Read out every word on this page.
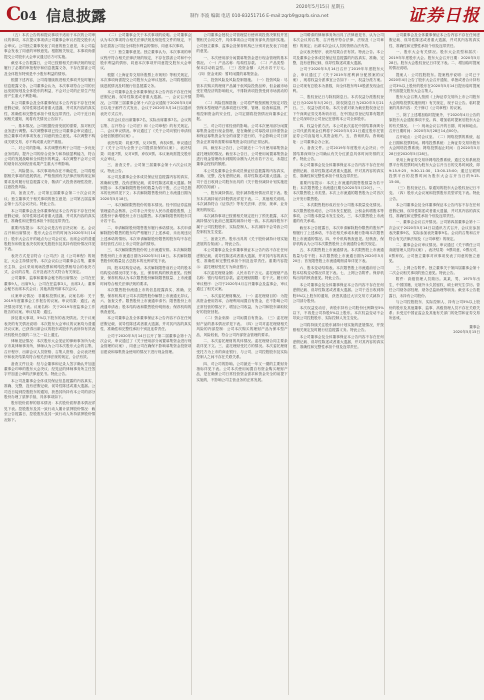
C04 信息披露	2020年5月15日 星期五
制作 李波 编辑 电话 010-83251716 E-mail:zqrb9@zqrb.sina.net	证券日报

（五）本次公告的和提议事项不适用于本次的公司审议的事项，本次提议事项请公司董事会审议后提交股东大会审议。公司独立董事发表了同意的独立意见，本公司监事会发表了同意的审核意见。根据相关规定，本事项尚需提交公司股东大会审议通过后方可实施。

截至本公告披露日，公司已按照相关法律法规的规定履行了必要的审批程序和信息披露义务，不存在损害公司及全体股东特别是中小股东利益的情形。

根据下述内容，公司将继续推进相关事项并及时履行信息披露义务。公司董事会认为，本次事项符合公司的长远发展规划及全体股东的利益，不会对公司的正常生产经营产生重大不利影响。

本公司董事会及全体董事保证本公告内容不存在任何虚假记载、误导性陈述或者重大遗漏，并对其内容的真实性、准确性和完整性承担个别及连带责任。公司于近日收到相关通知，现将有关情况公告如下。

一、基本情况。公司根据经营发展的需要，拟对相关业务进行调整。本次调整事项已经公司董事会审议通过，独立董事对该事项发表了同意的独立意见。本次调整不构成关联交易，亦不构成重大资产重组。

二、对公司的影响。本次调整有利于公司进一步优化业务结构，提升公司的综合竞争力和持续盈利能力，符合公司的发展战略和全体股东的利益。本次调整不会对公司的财务状况和经营成果产生重大不利影响。

三、风险提示。本次事项尚存在不确定性，公司将根据相关事项的进展情况，严格按照有关法律法规的规定和要求及时履行信息披露义务，敬请广大投资者理性投资，注意投资风险。

四、备查文件。公司第五届董事会第二十次会议决议；独立董事关于相关事项的独立意见；公司第五届监事会第十五次会议决议。特此公告。

本公司董事会及全体董事保证本公告内容不存在任何虚假记载、误导性陈述或者重大遗漏，并对其内容的真实性、准确性和完整性承担个别及连带责任。

重要内容提示：本次会议是否有否决议案：无。会议召开和出席情况：股东大会召开的时间为2020年5月14日；股东大会召开的地点为公司会议室。出席会议的普通股股东和恢复表决权的优先股股东及其持有股份情况详见下表。

表决方式是否符合《公司法》及《公司章程》的规定，大会主持情况等。本次会议由公司董事会召集，董事长主持，会议采用现场投票和网络投票相结合的表决方式，会议的召集、召开及表决方式符合有关规定。

公司董事、监事和董事会秘书的出席情况：公司在任董事9人，出席9人；公司在任监事3人，出席3人；董事会秘书出席本次会议；其他高管列席本次会议。

议案审议情况：非累积投票议案。议案名称：关于2019年度董事会工作报告的议案。审议结果：通过。表决情况详见下表。议案名称：关于2019年度监事会工作报告的议案。审议结果：通过。

涉及重大事项，5%以下股东的表决情况。关于议案表决的有关情况说明：本次股东大会审议的议案均为普通决议议案，已获得出席会议的股东或股东代表所持有效表决权股份总数的二分之一以上通过。

律师见证情况：本次股东大会见证的律师事务所为北京市某律师事务所，律师认为公司本次股东大会的召集、召开程序、出席会议人员资格、召集人资格、会议表决程序和表决结果均符合相关法律法规的规定，合法有效。

备查文件目录：经与会董事和记录人签字确认并加盖董事会印章的股东大会决议；经见证的律师事务所主任签字并加盖公章的法律意见书。特此公告。

本公司及董事会全体成员保证信息披露的内容真实、准确、完整，没有虚假记载、误导性陈述或重大遗漏。公司近日接到控股股东的通知，获悉其所持有本公司的部分股份办理了质押手续，具体事项如下。

股东股份质押的基本情况：本次股份质押基本情况详见下表。控股股东及其一致行动人累计质押股份情况：截至公告披露日，控股股东及其一致行动人所持质押股份情况如下。

（二）公司董事会关于本次事项的说明。公司董事会认为本次事项符合相关法律法规及规范性文件的规定，不存在损害公司及全体股东利益的情形，同意本次事项。

（三）独立董事意见。独立董事认为，本次事项的审议程序符合相关法律法规的规定，不存在损害公司和中小股东利益的情形，同意本次事项并同意提交股东大会审议。

根据《上海证券交易所股票上市规则》等相关规定，本次事项尚需提交公司股东大会审议批准。公司将根据后续进展情况及时履行信息披露义务。

本公司董事会及全体董事保证本公告内容不存在任何虚假记载、误导性陈述或者重大遗漏。一、会议召开情况。公司第三届董事会第十六次会议通知于2020年5月8日以电子邮件方式发出，会议于2020年5月14日以通讯表决方式召开。

本次会议应出席董事7名，实际出席董事7名。会议的召集、召开符合《公司法》和《公司章程》的有关规定。二、会议审议情况。审议通过了《关于公司向银行申请综合授信额度的议案》。

表决结果：同意7票，反对0票，弃权0票。审议通过了《关于公司为全资子公司提供担保的议案》，表决结果：同意7票，反对0票，弃权0票。本议案尚需提交股东大会审议。

三、备查文件。公司第三届董事会第十六次会议决议。特此公告。

本公司及董事会全体成员保证信息披露内容的真实、准确和完整，没有虚假记载、误导性陈述或重大遗漏。特别提示：本次解除限售股份的数量为若干股，占公司总股本的比例详见下文；本次解除限售股份的上市流通日期为2020年5月18日。

一、本次解除限售股份的基本情况。经中国证券监督管理委员会核准，公司非公开发行人民币普通股股票，上述股份于新增股份上市日起限售。本次解除限售的股东共计若干名。

二、申请解除股份限售股东履行承诺情况。本次申请解除股份限售的股东均严格履行了上述承诺，未出现违反上述承诺的情形。本次申请解除股份限售的股东均不存在非经营性占用上市公司资金的情形。

三、本次解除限售股份的上市流通安排。本次解除限售股份的上市流通日期为2020年5月18日。本次解除限售股份的数量及占总股本的比例详见下表。

四、股本结构变动表。本次解除限售前后公司的股本结构变动情况详见下表。五、保荐机构的核查意见。经核查，保荐机构认为本次限售股份解除限售数量、上市流通时间符合相关法律法规的要求。

本次限售股份流通上市的信息披露真实、准确、完整，保荐机构对公司本次限售股份解禁上市流通无异议。六、备查文件。限售股份上市流通申请书；限售股份上市流通申请表；股本结构表和限售股份明细表；保荐机构的核查意见。

本公司董事会及全体董事保证本公告内容不存在任何虚假记载、误导性陈述或者重大遗漏，并对其内容的真实性、准确性和完整性承担个别及连带责任。

公司于2020年5月14日召开了第二届董事会第十九次会议，审议通过了《关于使用部分闲置募集资金进行现金管理的议案》，同意公司在确保不影响募集资金投资项目建设和募集资金使用的情况下进行现金管理。

公司董事会授权公司管理层行使该项投资决策权并签署相关合同文件，具体事项由公司财务部负责组织实施。公司独立董事、监事会及保荐机构已分别对此发表了同意的意见。

一、本次使用部分闲置募集资金进行现金管理的基本情况。（一）产品名称：结构性存款。（二）产品类型：保本浮动收益型。（三）投资金额：人民币若干万元。（四）资金来源：暂时闲置的募集资金。

二、投资风险及风险控制措施。（一）投资风险：尽管本次购买的理财产品属于低风险投资品种，但金融市场受宏观经济的影响较大，不排除该项投资受到市场波动的影响。

（二）风险控制措施：公司将严格按照相关规定对投资保本型理财产品事项进行决策、管理、检查和监督，严格控制资金的安全性，公司定期将投资情况向董事会汇报。

三、对公司日常经营的影响。公司本次使用部分闲置募集资金进行现金管理，是在确保公司募投项目所需资金和保证募集资金安全的前提下进行的，不会影响公司日常资金正常周转需要和募集资金项目的正常运转。

四、截至本公告日，公司最近十二个月使用募集资金委托理财的情况。截至本公告日，公司使用闲置募集资金进行现金管理尚未到期的余额为人民币若干万元，未超过董事会授权的额度。

本公司及董事会全体成员保证信息披露的内容真实、准确、完整，没有虚假记载、误导性陈述或重大遗漏。公司于近日收到公司股东出具的《关于股份减持计划实施进展的告知函》。

一、股东减持情况。股东减持股份情况详见下表。股东本次减持前后持股情况详见下表。二、其他相关说明。本次减持符合《证券法》等有关法律、法规、规章、业务规则的规定。

本次减持事项已按照相关规定进行了预先披露，本次减持情况与此前已披露的减持计划一致。本次减持股东不属于公司控股股东、实际控制人，本次减持不会导致公司控制权发生变更。

三、备查文件。股东出具的《关于股份减持计划实施进展的告知函》。特此公告。

本公司董事会及全体董事保证本公告内容不存在任何虚假记载、误导性陈述或者重大遗漏，并对其内容的真实性、准确性和完整性承担个别及连带责任。重要内容提示：委托理财受托方为商业银行。

本次委托理财金额：人民币若干万元。委托理财产品名称：银行结构性存款。委托理财期限：若干天。履行的审议程序：公司于2020年4月召开董事会及监事会，审议通过了相关议案。

一、本次委托理财概况。（一）委托理财目的：为提高资金使用效率，合理利用闲置自有资金，在不影响公司正常经营的情况下，增加公司收益，为公司和股东谋取较好的投资回报。

（二）资金来源：公司闲置自有资金。（三）委托理财产品的基本情况详见下表。（四）公司对委托理财相关风险的内部控制：公司本次购买的理财产品为保本型产品，风险较低，符合公司内部资金管理的要求。

二、本次委托理财的具体情况。委托理财合同主要条款详见下文。三、委托理财受托方的情况。本次委托理财受托方为上市的商业银行，与公司、公司控股股东及实际控制人之间不存在关联关系。

四、对公司的影响。公司最近一年又一期的主要财务指标详见下表。公司本次使用闲置自有资金购买理财产品，是在确保公司日常经营资金需求和资金安全的前提下实施的，不影响公司主营业务的正常发展。

公司聘请的律师事务所出具了法律意见书，认为公司本次会议的召集、召开程序符合法律、法规及《公司章程》的规定；出席本次会议人员的资格合法有效。

会议表决程序、表决结果合法有效。特此公告。本公司及董事会全体成员保证信息披露的内容真实、准确、完整，没有虚假记载、误导性陈述或重大遗漏。

公司于2020年5月14日召开了2019年年度股东大会，审议通过了《关于2019年度利润分配预案的议案》，现将权益分派事宜公告如下：一、权益分派方案。以公司现有总股本为基数，向全体股东每10股派发现金红利。

二、股权登记日与除权除息日。本次权益分派股权登记日为2020年5月20日，除权除息日为2020年5月21日。三、权益分派对象。本次分派对象为截至股权登记日下午深圳证券交易所收市后，在中国证券登记结算有限责任公司深圳分公司登记在册的本公司全体股东。

四、权益分派方法。本公司此次委托中国结算深圳分公司代派的现金红利将于2020年5月21日通过股东托管证券公司直接划入其资金账户。五、咨询机构。咨询地址：公司董事会办公室。

六、备查文件。公司2019年年度股东大会决议；中国结算深圳分公司确认有关分红派息具体时间安排的文件。特此公告。

本公司董事会及全体董事保证本公告内容不存在任何虚假记载、误导性陈述或者重大遗漏，并对其内容的真实性、准确性和完整性承担个别及连带责任。

重要内容提示：本次上市流通的限售股数量为若干股；本次限售股上市流通日期为2020年5月20日。一、本次限售股上市类型。本次上市流通的限售股为公司首次公开发行限售股。

二、本次限售股形成后至今公司股本数量变化情况。本次限售股形成后，公司未发生配股、公积金转增股本等事项，公司股本数量未发生变化。三、本次限售股上市流通的有关承诺。

截至本公告披露日，本次申请解除股份限售的股东严格履行了上述承诺，不存在相关承诺未履行影响本次限售股上市流通的情况。四、中介机构核查意见。经核查，保荐机构认为公司本次限售股份上市流通符合相关规定。

五、本次限售股上市流通情况。本次限售股上市流通数量为若干股；本次限售股上市流通日期为2020年5月20日；首发限售股上市流通明细清单详见下表。

六、股本变动结构表。本次限售股上市流通前后公司股本结构变动情况详见下表。七、上网公告附件。保荐机构出具的核查意见。特此公告。

本公司董事会及全体董事保证本公告内容不存在任何虚假记载、误导性陈述或者重大遗漏。公司于近日收到持股5%以上股东的通知，获悉其通过大宗交易方式减持了公司部分股份。

本次权益变动后，该股东持有公司股份比例降至5%以下，不再是公司持股5%以上股东。本次权益变动不会导致公司控股股东、实际控制人发生变化。

公司将持续关注股东减持计划实施的进展情况，并按照相关规定及时履行信息披露义务。特此公告。

本公司董事会及全体董事保证本公告内容不存在任何虚假记载、误导性陈述或者重大遗漏，并对其内容的真实性、准确性和完整性承担个别及连带责任。

公司董事会及全体董事保证本公告内容不存在任何虚假记载、误导性陈述或者重大遗漏，并对其内容的真实性、准确性和完整性承担个别及连带责任。

一、股东大会有关情况。股东大会类型和届次：2019年年度股东大会。股东大会召开日期：2020年5月28日。股东大会股权登记日详见下表。二、增加临时提案的情况说明。

提案人：公司控股股东。提案程序说明：公司已于2020年4月公告了股东大会召开通知，单独或者合计持有公司3%以上股份的股东在2020年5月14日提出临时提案并书面提交股东大会召集人。

股东大会召集人按照《上海证券交易所上市公司股东大会网络投票实施细则》有关规定，现予以公告。临时提案的具体内容：关于修订《公司章程》的议案。

三、除了上述增加临时提案外，于2020年4月公告的原股东大会通知事项不变。四、增加临时提案后股东大会的有关情况。（一）现场会议召开的日期、时间和地点。召开日期时间：2020年5月28日14点00分。

召开地点：公司会议室。（二）网络投票的系统、起止日期和投票时间。网络投票系统：上海证券交易所股东大会网络投票系统；网络投票起止时间：自2020年5月28日至2020年5月28日。

采用上海证券交易所网络投票系统，通过交易系统投票平台的投票时间为股东大会召开当日的交易时间段，即9:15-9:25，9:30-11:30，13:00-15:00；通过互联网投票平台的投票时间为股东大会召开当日的9:15-15:00。

（三）股权登记日。原通知的股东大会股权登记日不变。（四）股东大会议案和投票股东类型详见下表。特此公告。

本公司董事会及全体董事保证本公告内容不存在任何虚假记载、误导性陈述或者重大遗漏，并对其内容的真实性、准确性和完整性承担个别及连带责任。

一、董事会会议召开情况。公司第四届董事会第十二次会议于2020年5月14日以通讯方式召开，会议应参加表决董事9名，实际参加表决董事9名。会议的召集和召开符合有关法律法规及《公司章程》的规定。

二、董事会会议审议情况。审议通过《关于聘任公司高级管理人员的议案》。表决结果：9票同意，0票反对，0票弃权。公司独立董事对该事项发表了同意的独立意见。

三、上网公告附件。独立董事关于第四届董事会第十二次会议相关事项的独立意见。特此公告。

附件：高级管理人员简历。某某，男，1975年出生，中国国籍，无境外永久居留权，硕士研究生学历。曾任公司财务部经理、财务总监助理等职务。截至本公告披露日，未持有公司股份。

与公司控股股东、实际控制人、持有公司5%以上股份的股东及其他董事、监事、高级管理人员不存在关联关系；未受过中国证监会及其他有关部门的处罚和证券交易所惩戒。

董事会
2020年5月15日
